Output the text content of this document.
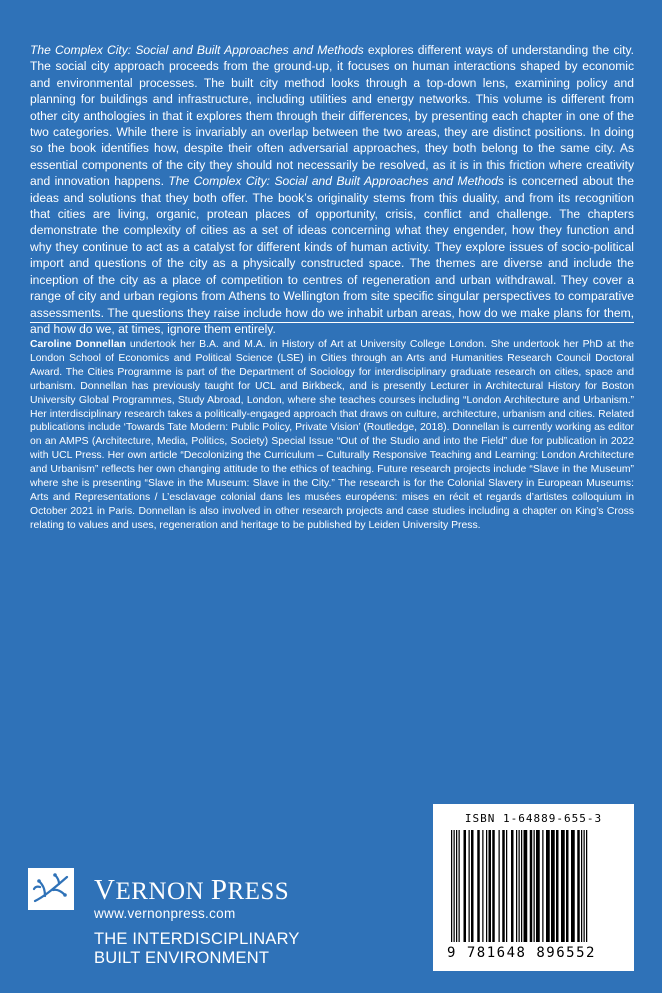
The Complex City: Social and Built Approaches and Methods explores different ways of understanding the city. The social city approach proceeds from the ground-up, it focuses on human interactions shaped by economic and environmental processes. The built city method looks through a top-down lens, examining policy and planning for buildings and infrastructure, including utilities and energy networks. This volume is different from other city anthologies in that it explores them through their differences, by presenting each chapter in one of the two categories. While there is invariably an overlap between the two areas, they are distinct positions. In doing so the book identifies how, despite their often adversarial approaches, they both belong to the same city. As essential components of the city they should not necessarily be resolved, as it is in this friction where creativity and innovation happens. The Complex City: Social and Built Approaches and Methods is concerned about the ideas and solutions that they both offer. The book’s originality stems from this duality, and from its recognition that cities are living, organic, protean places of opportunity, crisis, conflict and challenge. The chapters demonstrate the complexity of cities as a set of ideas concerning what they engender, how they function and why they continue to act as a catalyst for different kinds of human activity. They explore issues of socio-political import and questions of the city as a physically constructed space. The themes are diverse and include the inception of the city as a place of competition to centres of regeneration and urban withdrawal. They cover a range of city and urban regions from Athens to Wellington from site specific singular perspectives to comparative assessments. The questions they raise include how do we inhabit urban areas, how do we make plans for them, and how do we, at times, ignore them entirely.

Caroline Donnellan undertook her B.A. and M.A. in History of Art at University College London. She undertook her PhD at the London School of Economics and Political Science (LSE) in Cities through an Arts and Humanities Research Council Doctoral Award. The Cities Programme is part of the Department of Sociology for interdisciplinary graduate research on cities, space and urbanism. Donnellan has previously taught for UCL and Birkbeck, and is presently Lecturer in Architectural History for Boston University Global Programmes, Study Abroad, London, where she teaches courses including “London Architecture and Urbanism.” Her interdisciplinary research takes a politically-engaged approach that draws on culture, architecture, urbanism and cities. Related publications include ‘Towards Tate Modern: Public Policy, Private Vision’ (Routledge, 2018). Donnellan is currently working as editor on an AMPS (Architecture, Media, Politics, Society) Special Issue “Out of the Studio and into the Field” due for publication in 2022 with UCL Press. Her own article “Decolonizing the Curriculum – Culturally Responsive Teaching and Learning: London Architecture and Urbanism” reflects her own changing attitude to the ethics of teaching. Future research projects include “Slave in the Museum” where she is presenting “Slave in the Museum: Slave in the City.” The research is for the Colonial Slavery in European Museums: Arts and Representations / L’esclavage colonial dans les musées européens: mises en récit et regards d’artistes colloquium in October 2021 in Paris. Donnellan is also involved in other research projects and case studies including a chapter on King’s Cross relating to values and uses, regeneration and heritage to be published by Leiden University Press.

VERNON PRESS
www.vernonpress.com
THE INTERDISCIPLINARY
BUILT ENVIRONMENT
ISBN 1-64889-655-3
9 781648 896552
